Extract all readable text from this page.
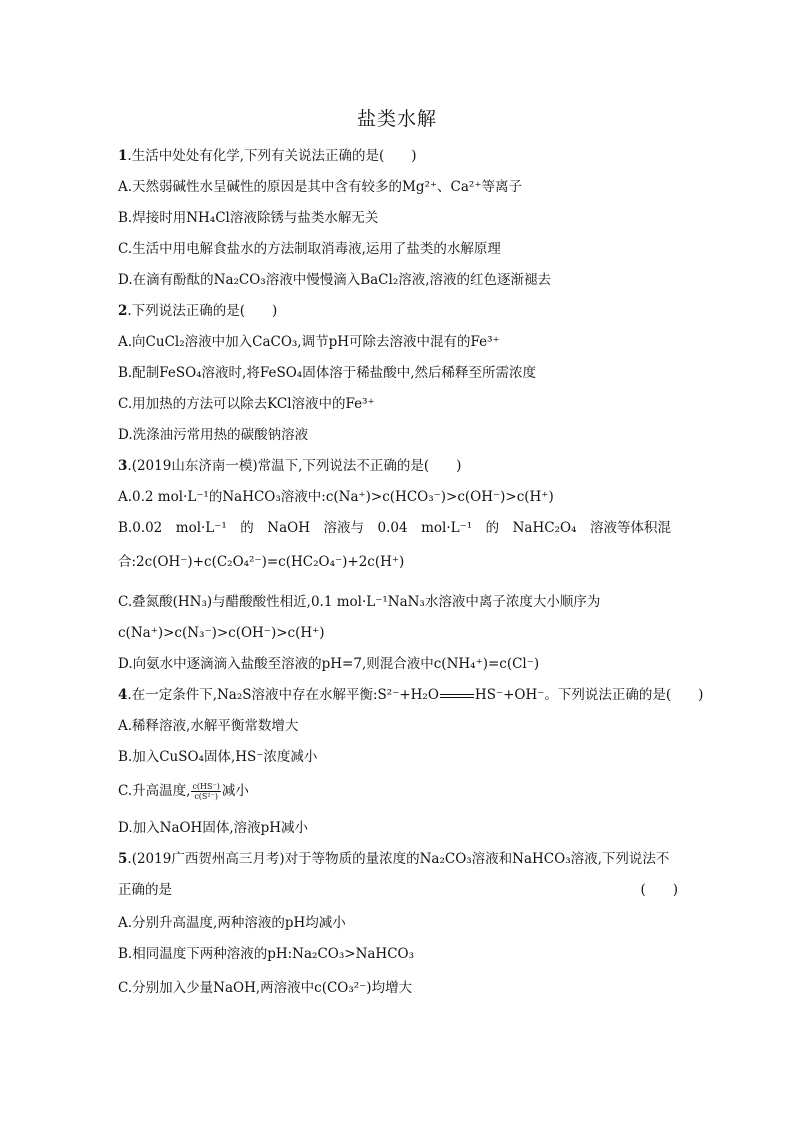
盐类水解
1.生活中处处有化学,下列有关说法正确的是(　　)
A.天然弱碱性水呈碱性的原因是其中含有较多的Mg²⁺、Ca²⁺等离子
B.焊接时用NH₄Cl溶液除锈与盐类水解无关
C.生活中用电解食盐水的方法制取消毒液,运用了盐类的水解原理
D.在滴有酚酞的Na₂CO₃溶液中慢慢滴入BaCl₂溶液,溶液的红色逐渐褪去
2.下列说法正确的是(　　)
A.向CuCl₂溶液中加入CaCO₃,调节pH可除去溶液中混有的Fe³⁺
B.配制FeSO₄溶液时,将FeSO₄固体溶于稀盐酸中,然后稀释至所需浓度
C.用加热的方法可以除去KCl溶液中的Fe³⁺
D.洗涤油污常用热的碳酸钠溶液
3.(2019山东济南一模)常温下,下列说法不正确的是(　　)
A.0.2 mol·L⁻¹的NaHCO₃溶液中:c(Na⁺)>c(HCO₃⁻)>c(OH⁻)>c(H⁺)
B.0.02　mol·L⁻¹　的　NaOH　溶液与　0.04　mol·L⁻¹　的　NaHC₂O₄　溶液等体积混
合:2c(OH⁻)+c(C₂O₄²⁻)=c(HC₂O₄⁻)+2c(H⁺)
C.叠氮酸(HN₃)与醋酸酸性相近,0.1 mol·L⁻¹NaN₃水溶液中离子浓度大小顺序为
c(Na⁺)>c(N₃⁻)>c(OH⁻)>c(H⁺)
D.向氨水中逐滴滴入盐酸至溶液的pH=7,则混合液中c(NH₄⁺)=c(Cl⁻)
4.在一定条件下,Na₂S溶液中存在水解平衡:S²⁻+H₂O	HS⁻+OH⁻。下列说法正确的是(　　)
A.稀释溶液,水解平衡常数增大
B.加入CuSO₄固体,HS⁻浓度减小
C.升高温度, $\frac{c(HS^-)}{\text{c(S²⁻)}}$ 减小
D.加入NaOH固体,溶液pH减小
5.(2019广西贺州高三月考)对于等物质的量浓度的Na₂CO₃溶液和NaHCO₃溶液,下列说法不
正确的是	(　　)
A.分别升高温度,两种溶液的pH均减小
B.相同温度下两种溶液的pH:Na₂CO₃>NaHCO₃
C.分别加入少量NaOH,两溶液中c(CO₃²⁻)均增大
